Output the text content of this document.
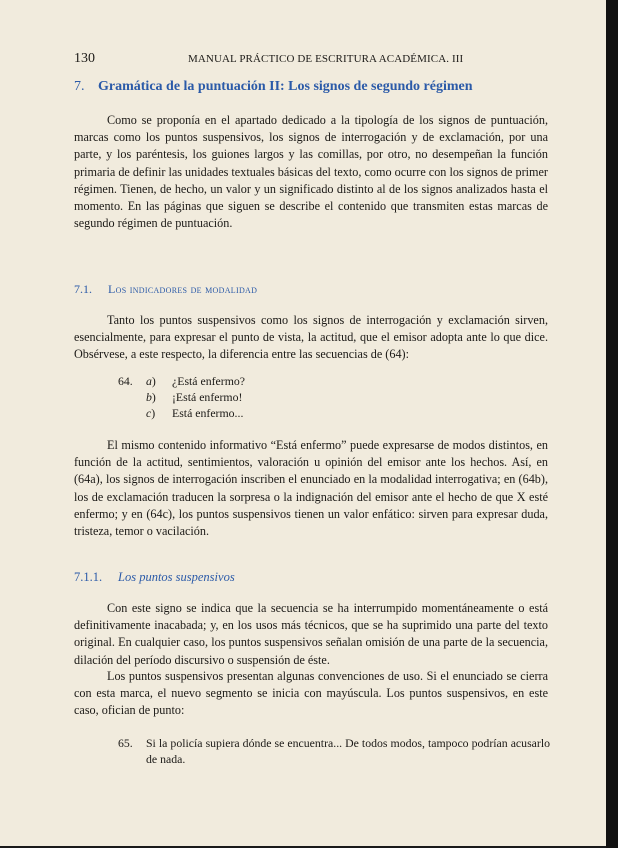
130	MANUAL PRÁCTICO DE ESCRITURA ACADÉMICA. III
7. Gramática de la puntuación II: Los signos de segundo régimen

Como se proponía en el apartado dedicado a la tipología de los signos de puntuación, marcas como los puntos suspensivos, los signos de interrogación y de exclamación, por una parte, y los paréntesis, los guiones largos y las comillas, por otro, no desempeñan la función primaria de definir las unidades textuales básicas del texto, como ocurre con los signos de primer régimen. Tienen, de hecho, un valor y un significado distinto al de los signos analizados hasta el momento. En las páginas que siguen se describe el contenido que transmiten estas marcas de segundo régimen de puntuación.

7.1. Los indicadores de modalidad

Tanto los puntos suspensivos como los signos de interrogación y exclamación sirven, esencialmente, para expresar el punto de vista, la actitud, que el emisor adopta ante lo que dice. Obsérvese, a este respecto, la diferencia entre las secuencias de (64):

64. a) ¿Está enfermo?
b) ¡Está enfermo!
c) Está enfermo...

El mismo contenido informativo “Está enfermo” puede expresarse de modos distintos, en función de la actitud, sentimientos, valoración u opinión del emisor ante los hechos. Así, en (64a), los signos de interrogación inscriben el enunciado en la modalidad interrogativa; en (64b), los de exclamación traducen la sorpresa o la indignación del emisor ante el hecho de que X esté enfermo; y en (64c), los puntos suspensivos tienen un valor enfático: sirven para expresar duda, tristeza, temor o vacilación.

7.1.1. Los puntos suspensivos

Con este signo se indica que la secuencia se ha interrumpido momentáneamente o está definitivamente inacabada; y, en los usos más técnicos, que se ha suprimido una parte del texto original. En cualquier caso, los puntos suspensivos señalan omisión de una parte de la secuencia, dilación del período discursivo o suspensión de éste.

Los puntos suspensivos presentan algunas convenciones de uso. Si el enunciado se cierra con esta marca, el nuevo segmento se inicia con mayúscula. Los puntos suspensivos, en este caso, ofician de punto:

65. Si la policía supiera dónde se encuentra... De todos modos, tampoco podrían acusarlo de nada.
